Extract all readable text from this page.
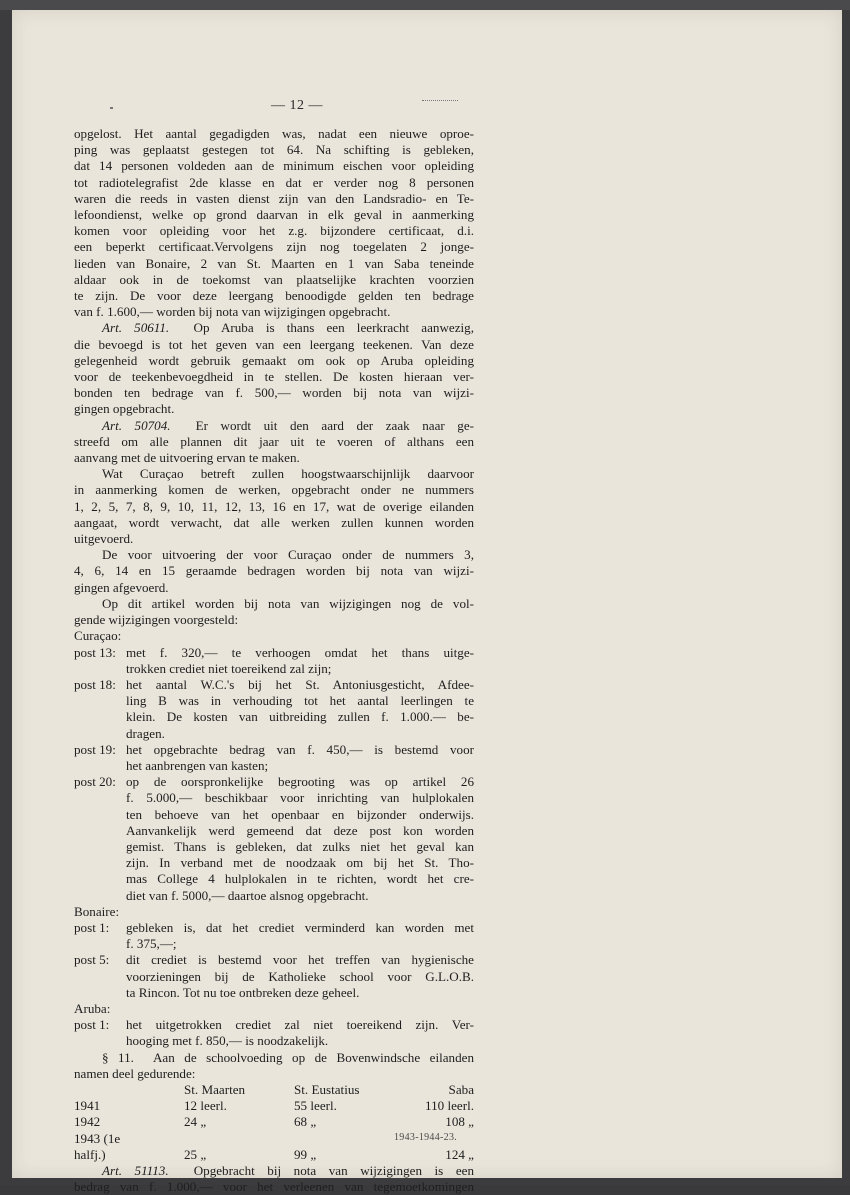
— 12 —

opgelost. Het aantal gegadigden was, nadat een nieuwe oproe-
ping was geplaatst gestegen tot 64. Na schifting is gebleken,
dat 14 personen voldeden aan de minimum eischen voor opleiding
tot radiotelegrafist 2de klasse en dat er verder nog 8 personen
waren die reeds in vasten dienst zijn van den Landsradio- en Te-
lefoondienst, welke op grond daarvan in elk geval in aanmerking
komen voor opleiding voor het z.g. bijzondere certificaat, d.i.
een beperkt certificaat.Vervolgens zijn nog toegelaten 2 jonge-
lieden van Bonaire, 2 van St. Maarten en 1 van Saba teneinde
aldaar ook in de toekomst van plaatselijke krachten voorzien
te zijn. De voor deze leergang benoodigde gelden ten bedrage
van f. 1.600,— worden bij nota van wijzigingen opgebracht.

Art. 50611. Op Aruba is thans een leerkracht aanwezig,
die bevoegd is tot het geven van een leergang teekenen. Van deze
gelegenheid wordt gebruik gemaakt om ook op Aruba opleiding
voor de teekenbevoegdheid in te stellen. De kosten hieraan ver-
bonden ten bedrage van f. 500,— worden bij nota van wijzi-
gingen opgebracht.

Art. 50704. Er wordt uit den aard der zaak naar ge-
streefd om alle plannen dit jaar uit te voeren of althans een
aanvang met de uitvoering ervan te maken.

Wat Curaçao betreft zullen hoogstwaarschijnlijk daarvoor
in aanmerking komen de werken, opgebracht onder ne nummers
1, 2, 5, 7, 8, 9, 10, 11, 12, 13, 16 en 17, wat de overige eilanden
aangaat, wordt verwacht, dat alle werken zullen kunnen worden
uitgevoerd.

De voor uitvoering der voor Curaçao onder de nummers 3,
4, 6, 14 en 15 geraamde bedragen worden bij nota van wijzi-
gingen afgevoerd.

Op dit artikel worden bij nota van wijzigingen nog de vol-
gende wijzigingen voorgesteld:

Curaçao:
post 13: met f. 320,— te verhoogen omdat het thans uitge-
trokken crediet niet toereikend zal zijn;
post 18: het aantal W.C.'s bij het St. Antoniusgesticht, Afdee-
ling B was in verhouding tot het aantal leerlingen te
klein. De kosten van uitbreiding zullen f. 1.000.— be-
dragen.
post 19: het opgebrachte bedrag van f. 450,— is bestemd voor
het aanbrengen van kasten;
post 20: op de oorspronkelijke begrooting was op artikel 26
f. 5.000,— beschikbaar voor inrichting van hulplokalen
ten behoeve van het openbaar en bijzonder onderwijs.
Aanvankelijk werd gemeend dat deze post kon worden
gemist. Thans is gebleken, dat zulks niet het geval kan
zijn. In verband met de noodzaak om bij het St. Tho-
mas College 4 hulplokalen in te richten, wordt het cre-
diet van f. 5000,— daartoe alsnog opgebracht.
Bonaire:
post 1:	gebleken is, dat het crediet verminderd kan worden met
f. 375,—;
post 5:	dit crediet is bestemd voor het treffen van hygienische
voorzieningen bij de Katholieke school voor G.L.O.B.
ta Rincon. Tot nu toe ontbreken deze geheel.
Aruba:
post 1:	het uitgetrokken crediet zal niet toereikend zijn. Ver-
hooging met f. 850,— is noodzakelijk.

§ 11. Aan de schoolvoeding op de Bovenwindsche eilanden
namen deel gedurende:

	St. Maarten	St. Eustatius	Saba
1941	12 leerl.	55 leerl.	110 leerl.
1942	24 „	68 „	108 „
1943 (1e			
halfj.)	25 „	99 „	124 „

Art. 51113. Opgebracht bij nota van wijzigingen is een
bedrag van f. 1.000,— voor het verleenen van tegemoetkomingen

1943-1944-23.
